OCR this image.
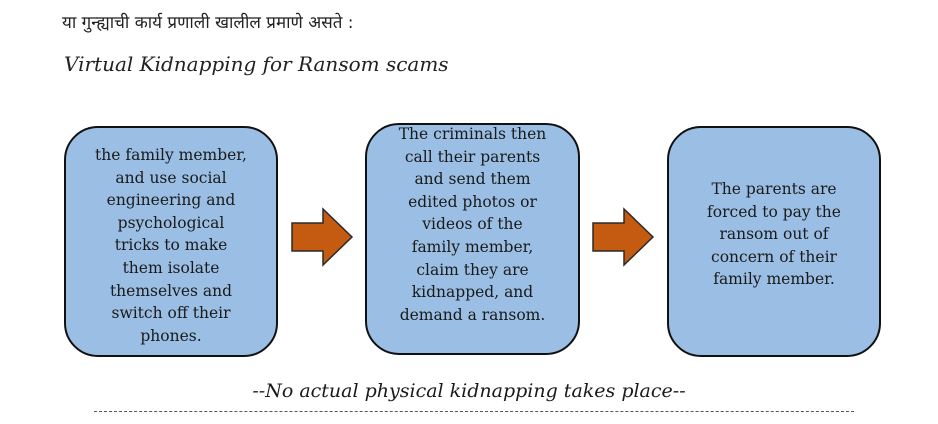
या गुन्ह्याची कार्य प्रणाली खालील प्रमाणे असते :
Virtual Kidnapping for Ransom scams
the family member,
and use social
engineering and
psychological
tricks to make
them isolate
themselves and
switch off their
phones.
The criminals then
call their parents
and send them
edited photos or
videos of the
family member,
claim they are
kidnapped, and
demand a ransom.
The parents are
forced to pay the
ransom out of
concern of their
family member.
--No actual physical kidnapping takes place--
